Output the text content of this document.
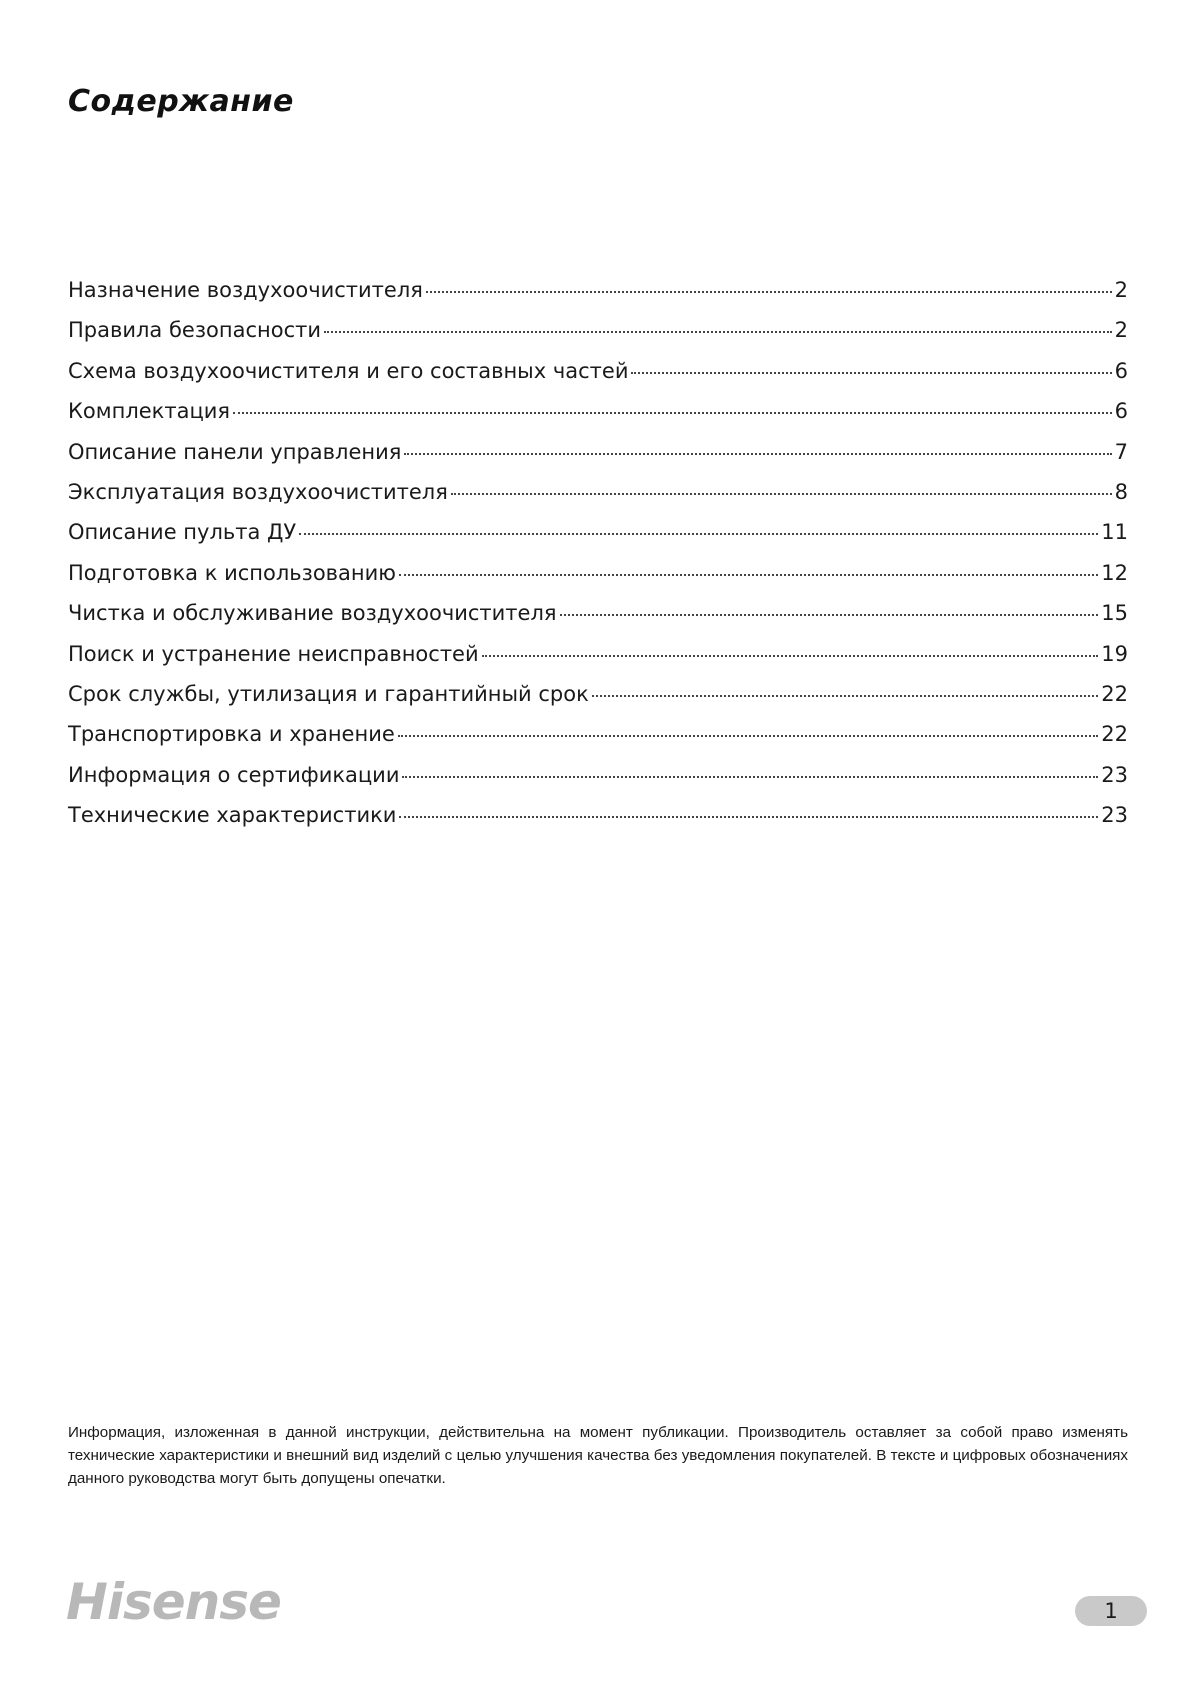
Содержание
Назначение воздухоочистителя	2
Правила безопасности	2
Схема воздухоочистителя и его составных частей	6
Комплектация	6
Описание панели управления	7
Эксплуатация воздухоочистителя	8
Описание пульта ДУ	11
Подготовка к использованию	12
Чистка и обслуживание воздухоочистителя	15
Поиск и устранение неисправностей	19
Срок службы, утилизация и гарантийный срок	22
Транспортировка и хранение	22
Информация о сертификации	23
Технические характеристики	23

Информация, изложенная в данной инструкции, действительна на момент публикации. Производитель оставляет за собой право изменять технические характеристики и внешний вид изделий с целью улучшения качества без уведомления покупателей. В тексте и цифровых обозначениях данного руководства могут быть допущены опечатки.

Hisense	1
